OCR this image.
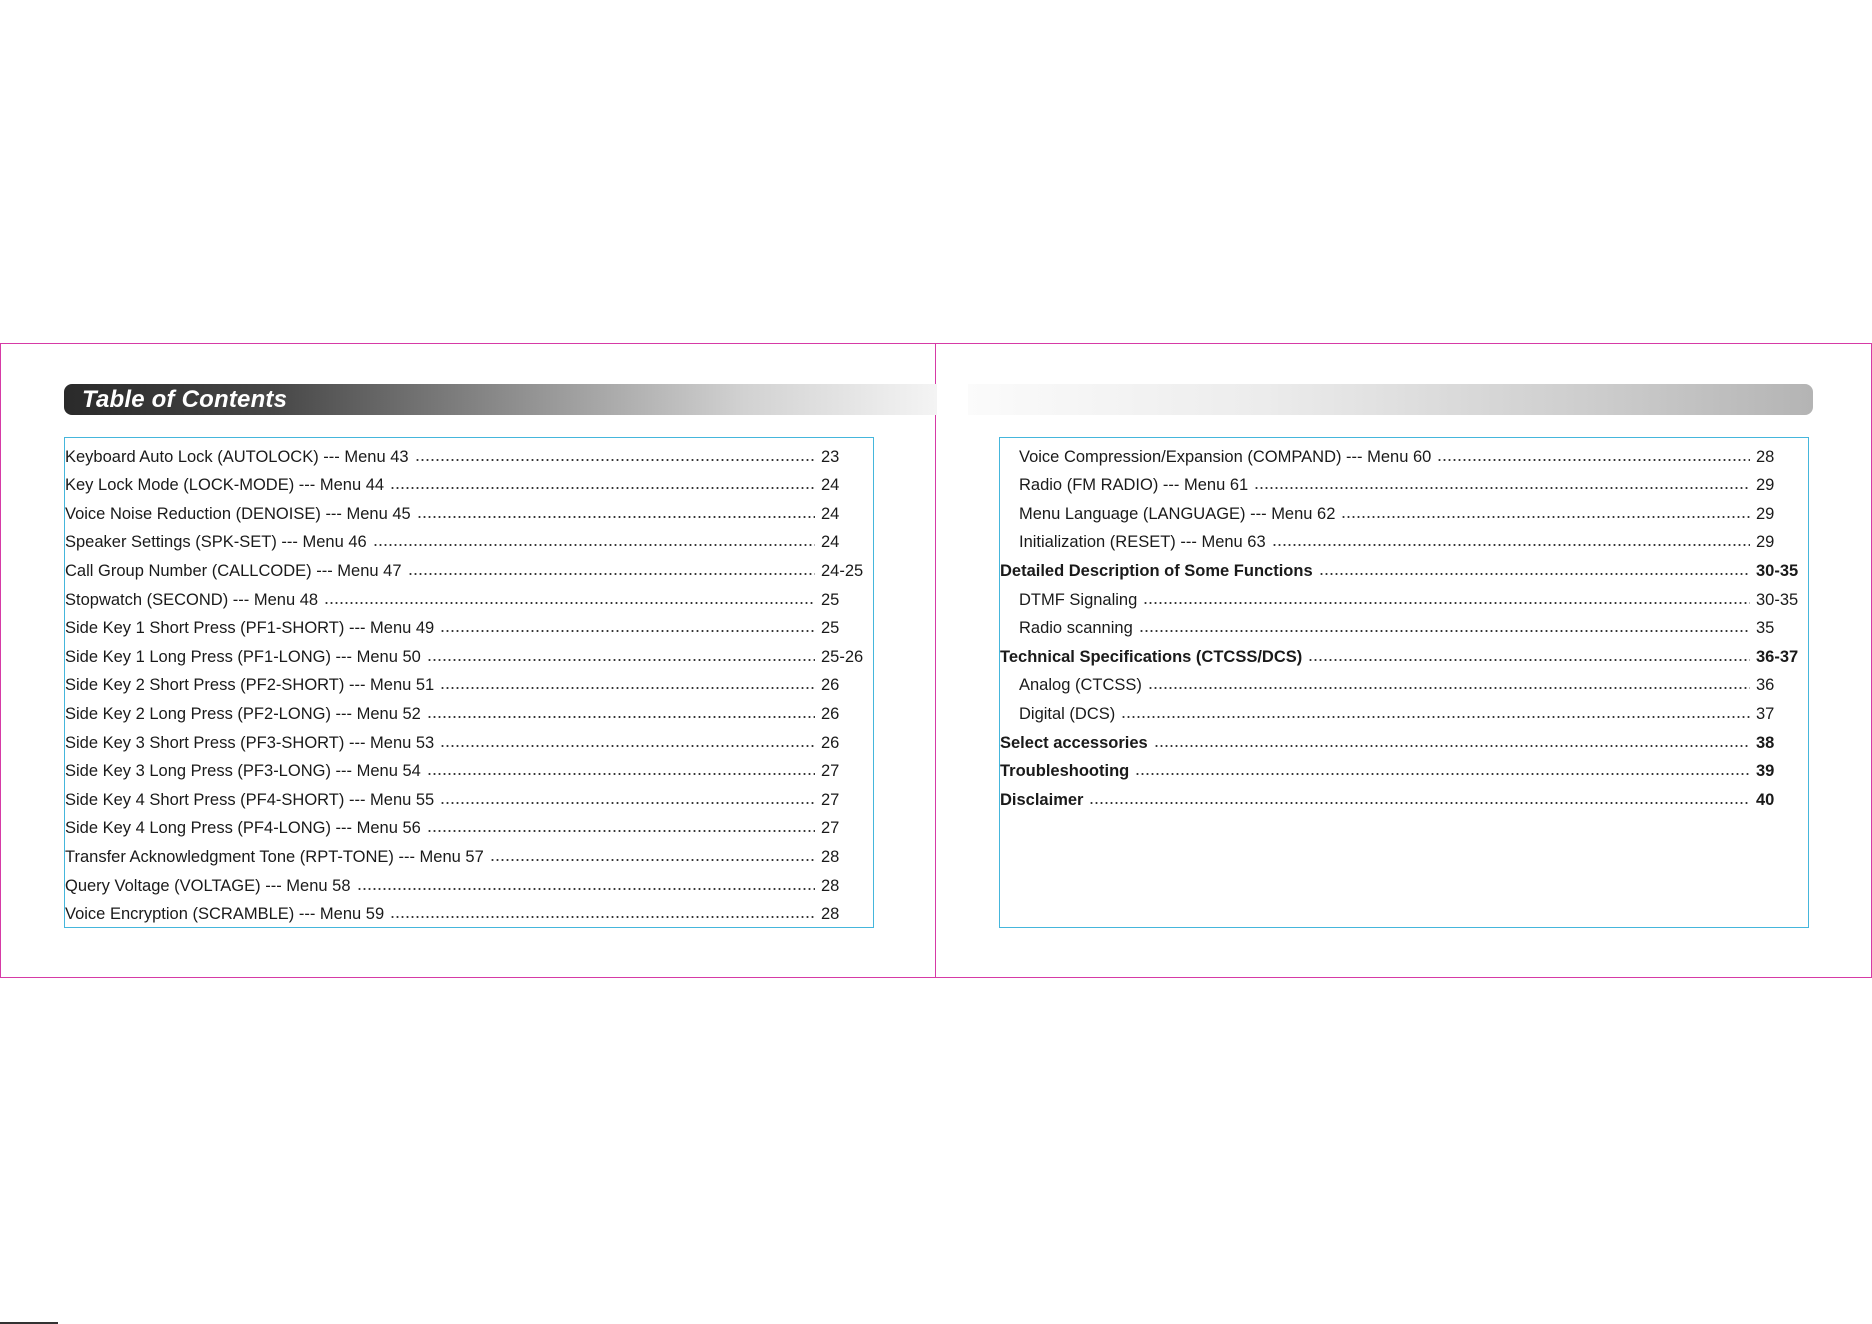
Table of Contents
Keyboard Auto Lock (AUTOLOCK) --- Menu 43	23
Key Lock Mode (LOCK-MODE) --- Menu 44	24
Voice Noise Reduction (DENOISE) --- Menu 45	24
Speaker Settings (SPK-SET) --- Menu 46	24
Call Group Number (CALLCODE) --- Menu 47	24-25
Stopwatch (SECOND) --- Menu 48	25
Side Key 1 Short Press (PF1-SHORT) --- Menu 49	25
Side Key 1 Long Press (PF1-LONG) --- Menu 50	25-26
Side Key 2 Short Press (PF2-SHORT) --- Menu 51	26
Side Key 2 Long Press (PF2-LONG) --- Menu 52	26
Side Key 3 Short Press (PF3-SHORT) --- Menu 53	26
Side Key 3 Long Press (PF3-LONG) --- Menu 54	27
Side Key 4 Short Press (PF4-SHORT) --- Menu 55	27
Side Key 4 Long Press (PF4-LONG) --- Menu 56	27
Transfer Acknowledgment Tone (RPT-TONE) --- Menu 57	28
Query Voltage (VOLTAGE) --- Menu 58	28
Voice Encryption (SCRAMBLE) --- Menu 59	28
Voice Compression/Expansion (COMPAND) --- Menu 60	28
Radio (FM RADIO) --- Menu 61	29
Menu Language (LANGUAGE) --- Menu 62	29
Initialization (RESET) --- Menu 63	29
Detailed Description of Some Functions	30-35
DTMF Signaling	30-35
Radio scanning	35
Technical Specifications (CTCSS/DCS)	36-37
Analog (CTCSS)	36
Digital (DCS)	37
Select accessories	38
Troubleshooting	39
Disclaimer	40
